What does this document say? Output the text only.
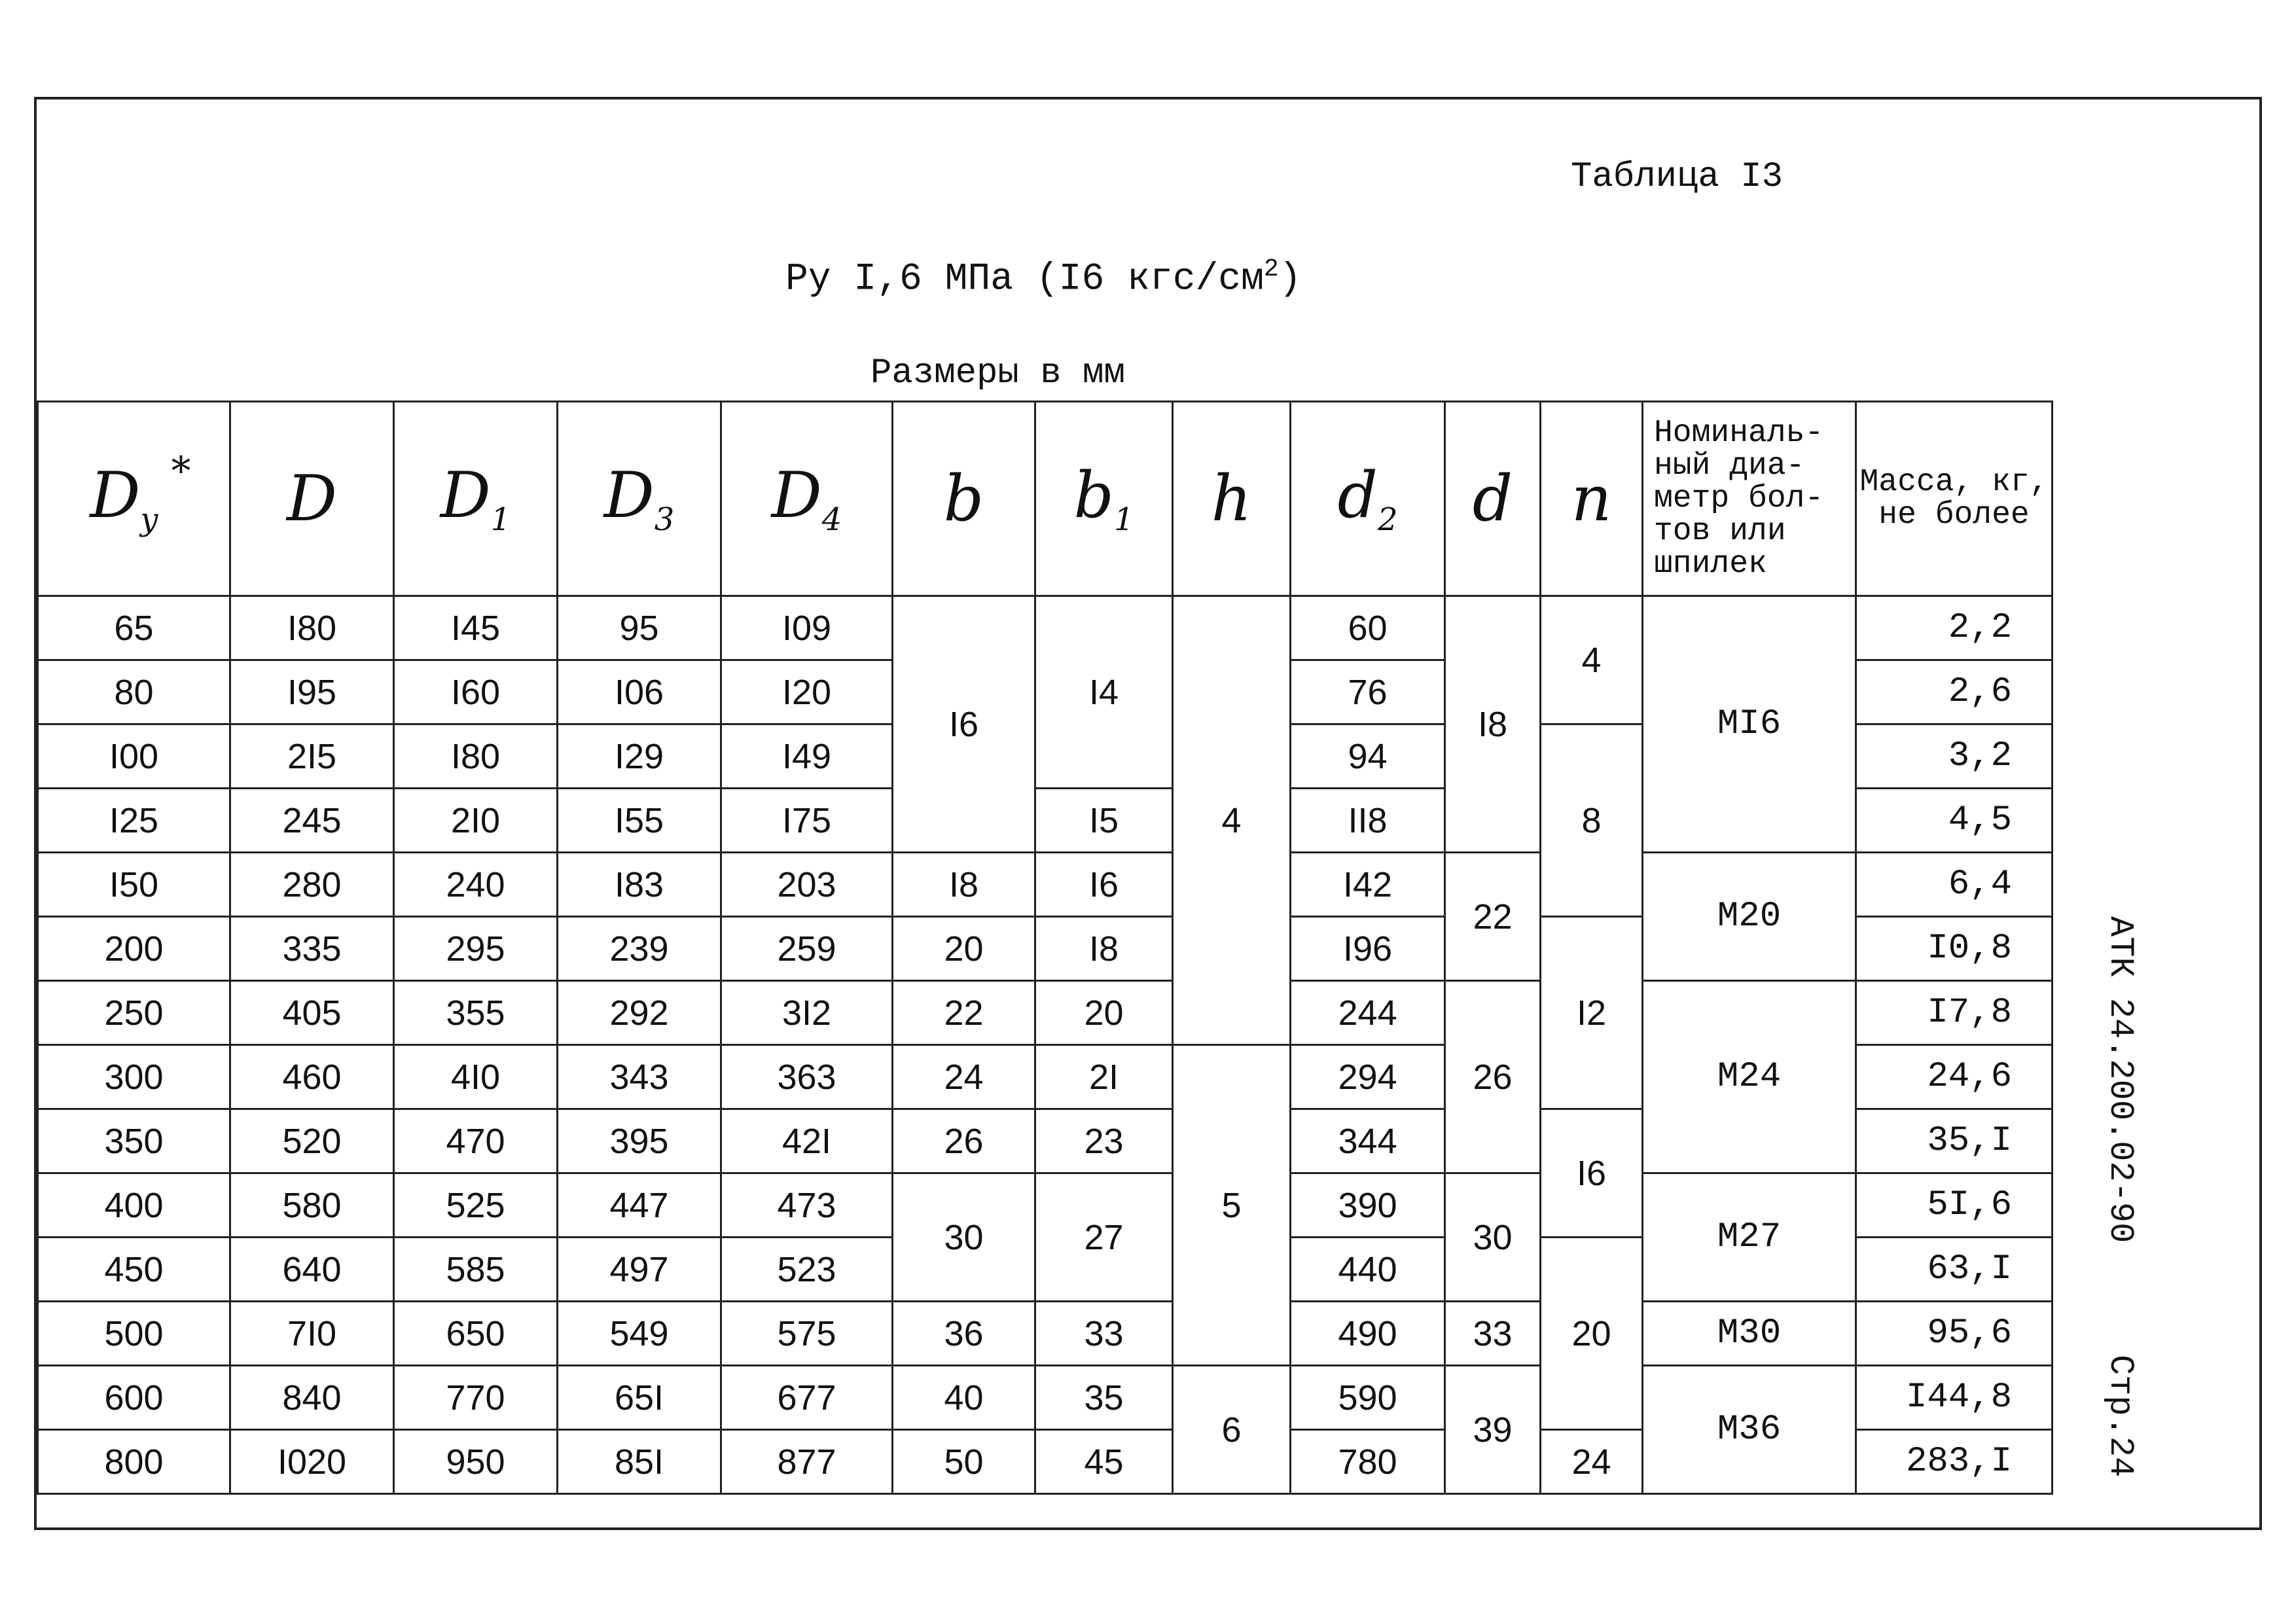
Таблица I3
Ру I,6 МПа (I6 кгс/$см^2$)
Размеры в мм
АТК 24.200.02-90
Стр.24
$D_y^*$	D	$D_1$	$D_3$	$D_4$	b	$b_1$	h	$d_2$	d	n	Номиналь- ный диа- метр бол- тов или шпилек	Масса, кг, не более
65	I80	I45	95	I09	I6	I4	4	60	I8	4	МI6	2,2
80	I95	I60	I06	I20				76				2,6
I00	2I5	I80	I29	I49				94		8		3,2
I25	245	2I0	I55	I75		I5		II8				4,5
I50	280	240	I83	203	I8	I6		I42	22		М20	6,4
200	335	295	239	259	20	I8		I96		I2		I0,8
250	405	355	292	3I2	22	20		244	26		М24	I7,8
300	460	4I0	343	363	24	2I	5	294				24,6
350	520	470	395	42I	26	23		344		I6		35,I
400	580	525	447	473	30	27		390	30		М27	5I,6
450	640	585	497	523				440		20		63,I
500	7I0	650	549	575	36	33		490	33		М30	95,6
600	840	770	65I	677	40	35	6	590	39		М36	I44,8
800	I020	950	85I	877	50	45		780		24		283,I
